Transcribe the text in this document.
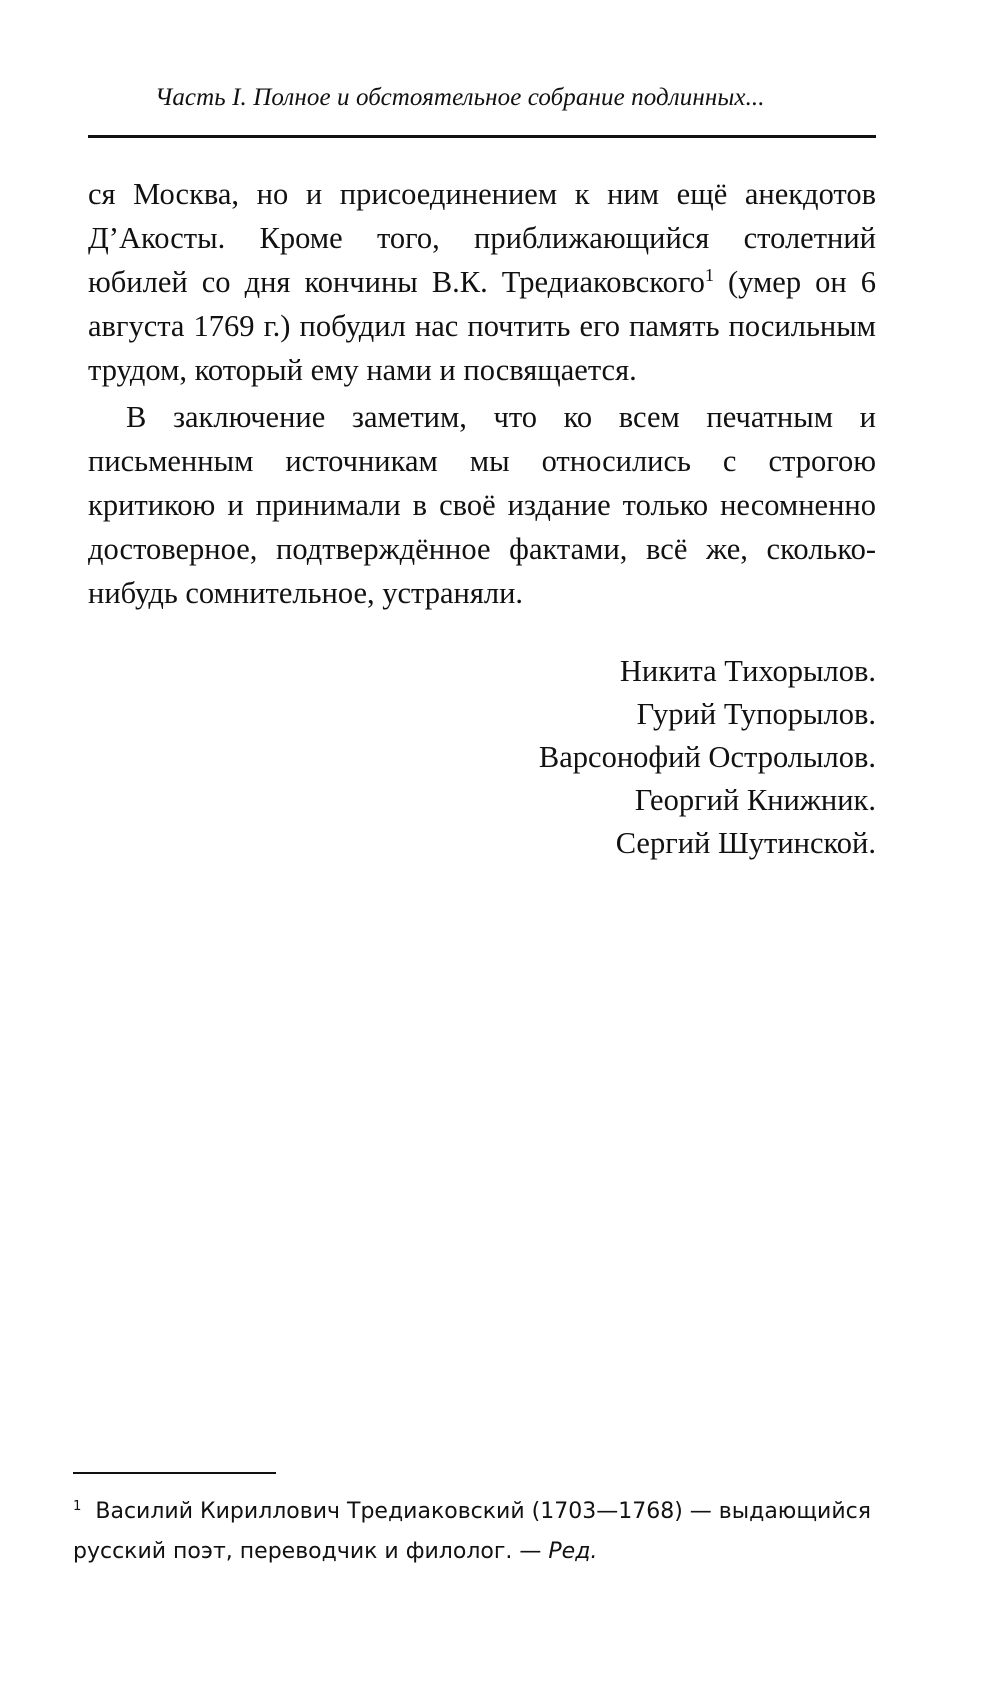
Часть I. Полное и обстоятельное собрание подлинных...

ся Москва, но и присоединением к ним ещё анекдотов Д’Акосты. Кроме того, приближающийся столетний юбилей со дня кончины В.К. Тредиаковского$^1$ (умер он 6 августа 1769 г.) побудил нас почтить его память посильным трудом, который ему нами и посвящается.

В заключение заметим, что ко всем печатным и письменным источникам мы относились с строгою критикою и принимали в своё издание только несомненно достоверное, подтверждённое фактами, всё же, сколько-нибудь сомнительное, устраняли.

Никита Тихорылов.
Гурий Тупорылов.
Варсонофий Остролылов.
Георгий Книжник.
Сергий Шутинской.
$^1$ Василий Кириллович Тредиаковский (1703—1768) — выдающийся русский поэт, переводчик и филолог. — Ред.
